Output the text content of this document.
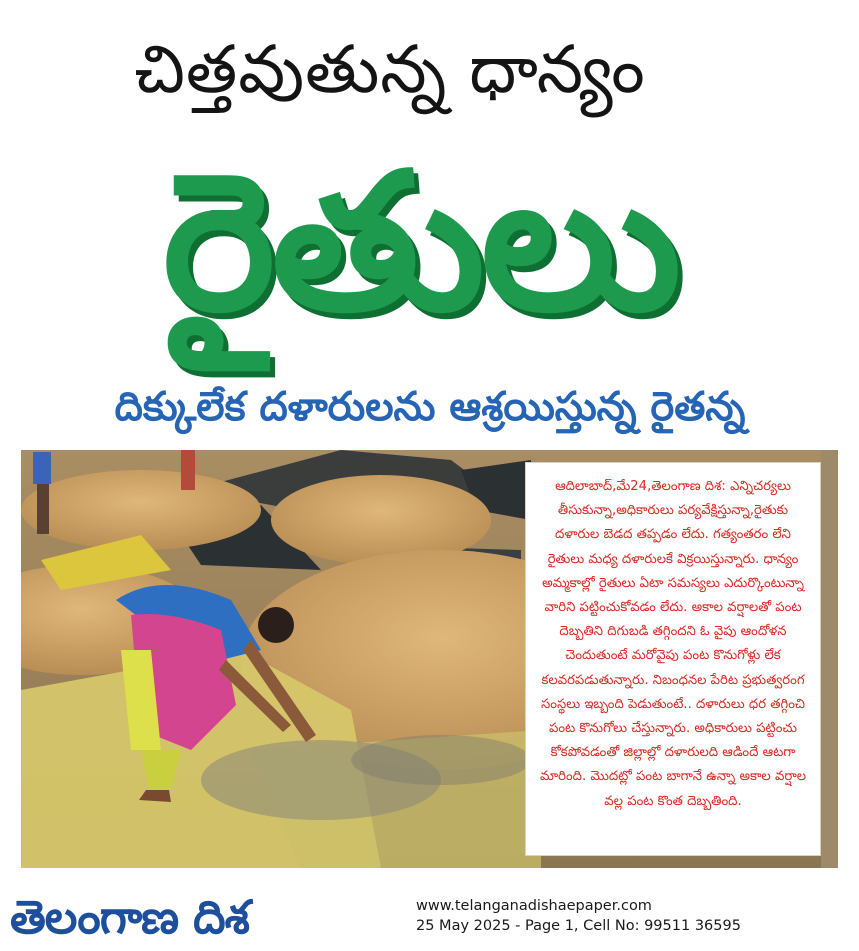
చిత్తవుతున్న ధాన్యం
రైతులు
దిక్కులేక దళారులను ఆశ్రయిస్తున్న రైతన్న

ఆదిలాబాద్,మే24,తెలంగాణ దిశ: ఎన్నిచర్యలు తీసుకున్నా,అధికారులు పర్యవేక్షిస్తున్నా,రైతుకు దళారుల బెడద తప్పడం లేదు. గత్యంతరం లేని రైతులు మధ్య దళారులకే విక్రయిస్తున్నారు. ధాన్యం అమ్మకాల్లో రైతులు ఏటా సమస్యలు ఎదుర్కొంటున్నా వారిని పట్టించుకోవడం లేదు. అకాల వర్షాలతో పంట దెబ్బతిని దిగుబడి తగ్గిందని ఓ వైపు ఆందోళన చెందుతుంటే మరోవైపు పంట కొనుగోళ్లు లేక కలవరపడుతున్నారు. నిబంధనల పేరిట ప్రభుత్వరంగ సంస్థలు ఇబ్బంది పెడుతుంటే.. దళారులు ధర తగ్గించి పంట కొనుగోలు చేస్తున్నారు. అధికారులు పట్టించు కోకపోవడంతో జిల్లాల్లో దళారులది ఆడిందే ఆటగా మారింది. మొదట్లో పంట బాగానే ఉన్నా అకాల వర్షాల వల్ల పంట కొంత దెబ్బతింది.

తెలంగాణ దిశ	www.telanganadishaepaper.com
25 May 2025 - Page 1, Cell No: 99511 36595
